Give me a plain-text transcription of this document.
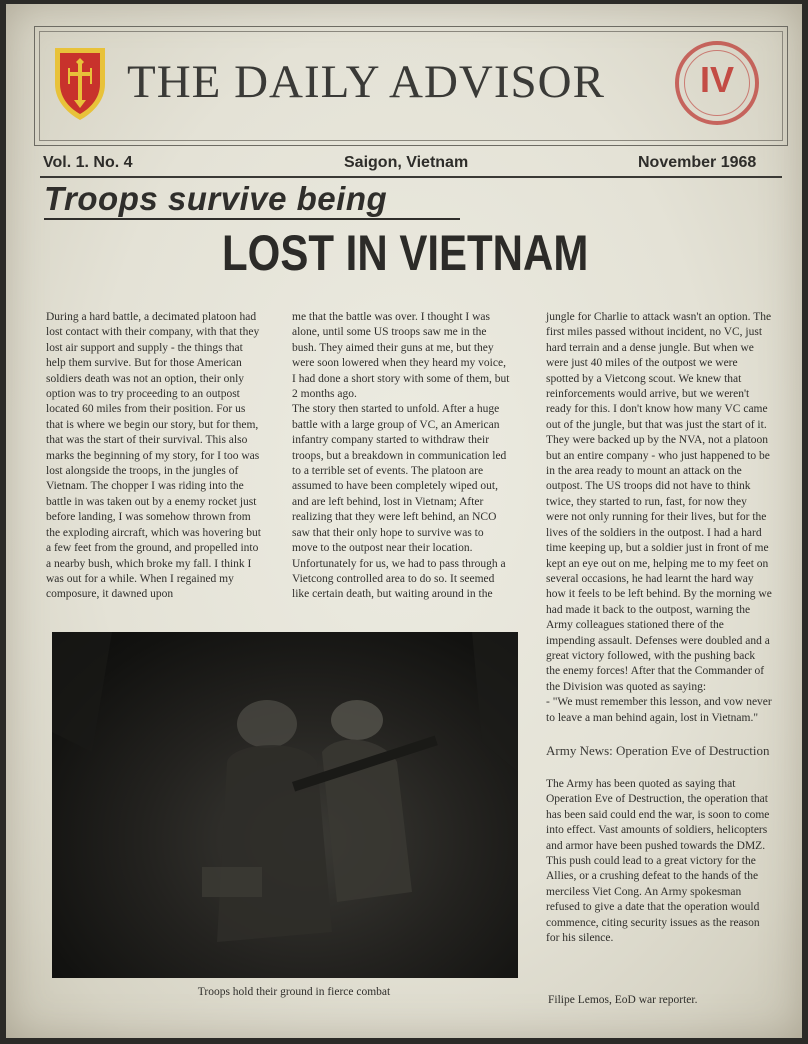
THE DAILY ADVISOR	IV
Vol. 1. No. 4	Saigon, Vietnam	November 1968
Troops survive being
LOST IN VIETNAM

During a hard battle, a decimated platoon had lost contact with their company, with that they lost air support and supply - the things that help them survive. But for those American soldiers death was not an option, their only option was to try proceeding to an outpost located 60 miles from their position. For us that is where we begin our story, but for them, that was the start of their survival. This also marks the beginning of my story, for I too was lost alongside the troops, in the jungles of Vietnam. The chopper I was riding into the battle in was taken out by a enemy rocket just before landing, I was somehow thrown from the exploding aircraft, which was hovering but a few feet from the ground, and propelled into a nearby bush, which broke my fall. I think I was out for a while. When I regained my composure, it dawned upon

me that the battle was over. I thought I was alone, until some US troops saw me in the bush. They aimed their guns at me, but they were soon lowered when they heard my voice, I had done a short story with some of them, but 2 months ago.

The story then started to unfold. After a huge battle with a large group of VC, an American infantry company started to withdraw their troops, but a breakdown in communication led to a terrible set of events. The platoon are assumed to have been completely wiped out, and are left behind, lost in Vietnam; After realizing that they were left behind, an NCO saw that their only hope to survive was to move to the outpost near their location. Unfortunately for us, we had to pass through a Vietcong controlled area to do so. It seemed like certain death, but waiting around in the

jungle for Charlie to attack wasn't an option. The first miles passed without incident, no VC, just hard terrain and a dense jungle. But when we were just 40 miles of the outpost we were spotted by a Vietcong scout. We knew that reinforcements would arrive, but we weren't ready for this. I don't know how many VC came out of the jungle, but that was just the start of it. They were backed up by the NVA, not a platoon but an entire company - who just happened to be in the area ready to mount an attack on the outpost. The US troops did not have to think twice, they started to run, fast, for now they were not only running for their lives, but for the lives of the soldiers in the outpost. I had a hard time keeping up, but a soldier just in front of me kept an eye out on me, helping me to my feet on several occasions, he had learnt the hard way how it feels to be left behind. By the morning we had made it back to the outpost, warning the Army colleagues stationed there of the impending assault. Defenses were doubled and a great victory followed, with the pushing back the enemy forces! After that the Commander of the Division was quoted as saying:

- "We must remember this lesson, and vow never to leave a man behind again, lost in Vietnam."

Army News: Operation Eve of Destruction

The Army has been quoted as saying that Operation Eve of Destruction, the operation that has been said could end the war, is soon to come into effect. Vast amounts of soldiers, helicopters and armor have been pushed towards the DMZ. This push could lead to a great victory for the Allies, or a crushing defeat to the hands of the merciless Viet Cong. An Army spokesman refused to give a date that the operation would commence, citing security issues as the reason for his silence.

Troops hold their ground in fierce combat
Filipe Lemos, EoD war reporter.
